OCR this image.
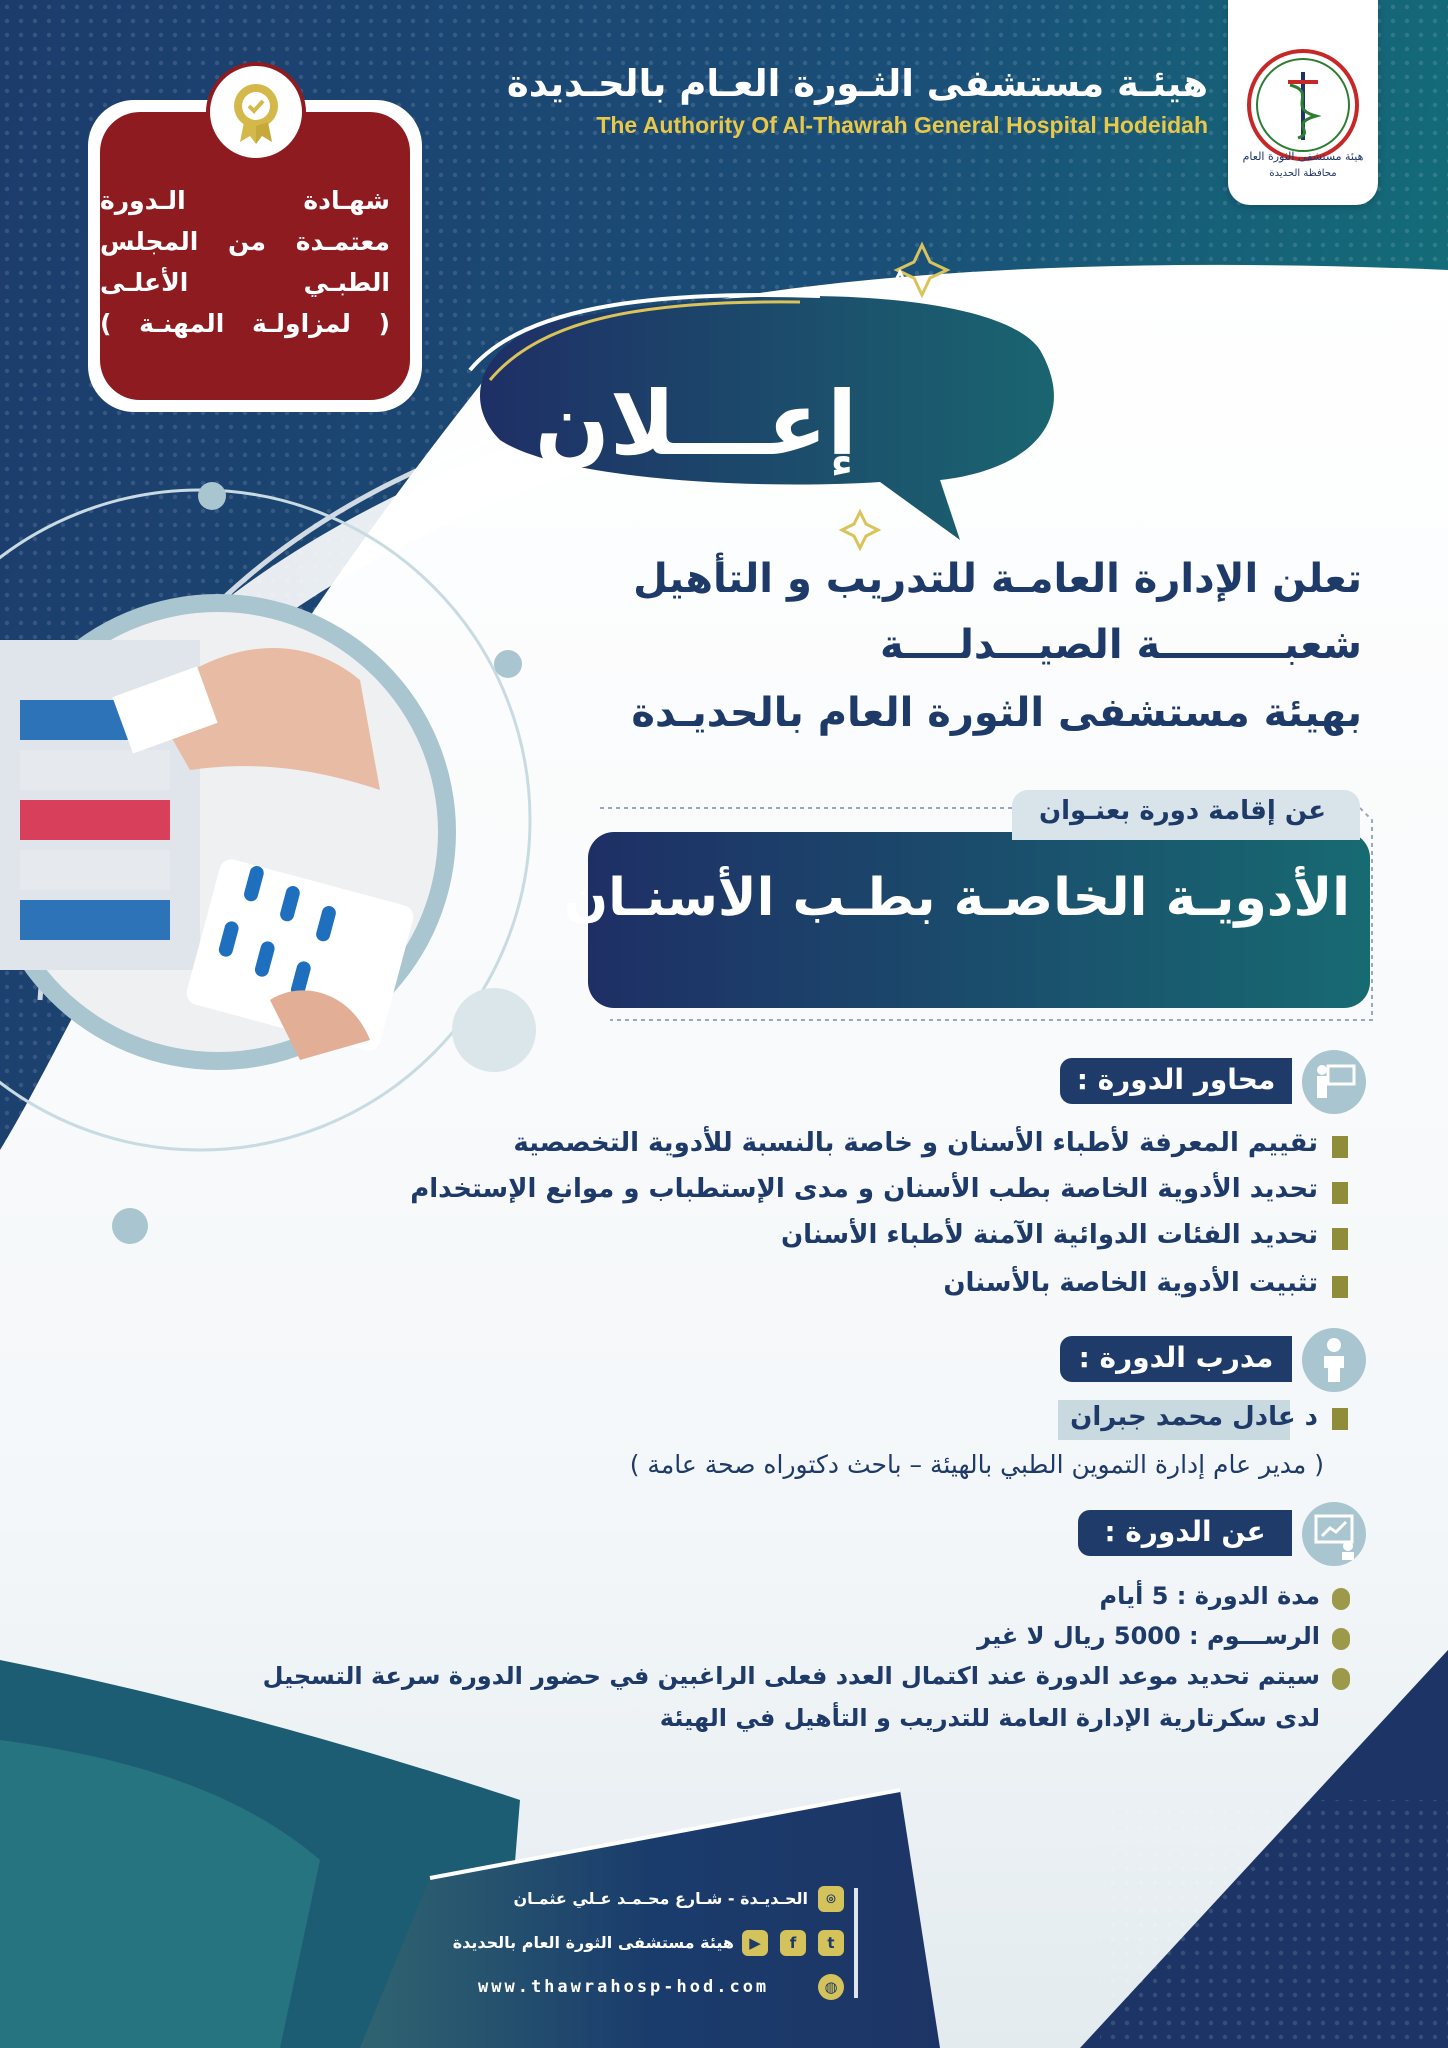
هيئة مستشفى الثورة العام
محافظة الحديدة
هيئـة مستشفى الثـورة العـام بالحـديدة
The Authority Of Al-Thawrah General Hospital Hodeidah
شهـادة الـدورة
معتمـدة من المجلس
الطبـي الأعلـى
( لمزاولـة المهنـة )
إعـــلان
تعلن الإدارة العامـة للتدريب و التأهيل
شعبـــــــــة الصيـــدلــــة
بهيئة مستشفى الثورة العام بالحديـدة
عن إقامة دورة بعنـوان
الأدويـة الخاصـة بطـب الأسنـان
محاور الدورة :
تقييم المعرفة لأطباء الأسنان و خاصة بالنسبة للأدوية التخصصية
تحديد الأدوية الخاصة بطب الأسنان و مدى الإستطباب و موانع الإستخدام
تحديد الفئات الدوائية الآمنة لأطباء الأسنان
تثبيت الأدوية الخاصة بالأسنان
مدرب الدورة :
د عادل محمد جبران
( مدير عام إدارة التموين الطبي بالهيئة – باحث دكتوراه صحة عامة )
عن الدورة :
مدة الدورة : 5 أيام
الرســـوم : 5000 ريال لا غير
سيتم تحديد موعد الدورة عند اكتمال العدد فعلى الراغبين في حضور الدورة سرعة التسجيل
لدى سكرتارية الإدارة العامة للتدريب و التأهيل في الهيئة
⌾
الحـديـدة - شـارع محـمـد عـلي عثمـان
t
f
▶
هيئة مستشفى الثورة العام بالحديدة
◍
www.thawrahosp-hod.com
